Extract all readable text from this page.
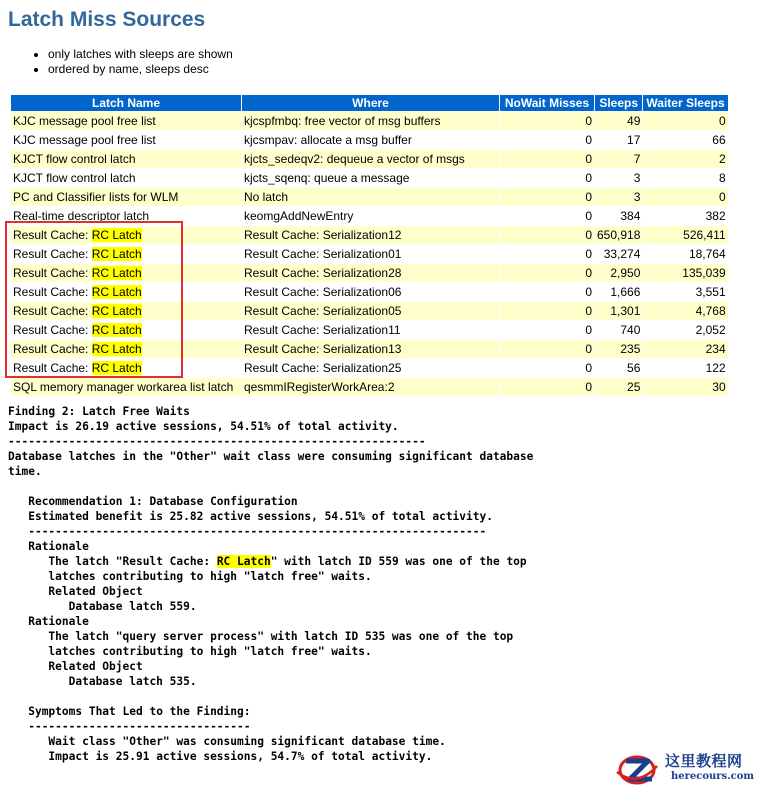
Latch Miss Sources
• only latches with sleeps are shown
• ordered by name, sleeps desc
Latch Name	Where	NoWait Misses	Sleeps	Waiter Sleeps
KJC message pool free list	kjcspfmbq: free vector of msg buffers	0	49	0
KJC message pool free list	kjcsmpav: allocate a msg buffer	0	17	66
KJCT flow control latch	kjcts_sedeqv2: dequeue a vector of msgs	0	7	2
KJCT flow control latch	kjcts_sqenq: queue a message	0	3	8
PC and Classifier lists for WLM	No latch	0	3	0
Real-time descriptor latch	keomgAddNewEntry	0	384	382
Result Cache: RC Latch	Result Cache: Serialization12	0	650,918	526,411
Result Cache: RC Latch	Result Cache: Serialization01	0	33,274	18,764
Result Cache: RC Latch	Result Cache: Serialization28	0	2,950	135,039
Result Cache: RC Latch	Result Cache: Serialization06	0	1,666	3,551
Result Cache: RC Latch	Result Cache: Serialization05	0	1,301	4,768
Result Cache: RC Latch	Result Cache: Serialization11	0	740	2,052
Result Cache: RC Latch	Result Cache: Serialization13	0	235	234
Result Cache: RC Latch	Result Cache: Serialization25	0	56	122
SQL memory manager workarea list latch	qesmmIRegisterWorkArea:2	0	25	30
Finding 2: Latch Free Waits
Impact is 26.19 active sessions, 54.51% of total activity.
--------------------------------------------------------------
Database latches in the "Other" wait class were consuming significant database
time.

Recommendation 1: Database Configuration
Estimated benefit is 25.82 active sessions, 54.51% of total activity.
--------------------------------------------------------------------
Rationale
The latch "Result Cache: RC Latch" with latch ID 559 was one of the top
latches contributing to high "latch free" waits.
Related Object
Database latch 559.
Rationale
The latch "query server process" with latch ID 535 was one of the top
latches contributing to high "latch free" waits.
Related Object
Database latch 535.

Symptoms That Led to the Finding:
---------------------------------
Wait class "Other" was consuming significant database time.
Impact is 25.91 active sessions, 54.7% of total activity.	这里教程网
herecours.com
